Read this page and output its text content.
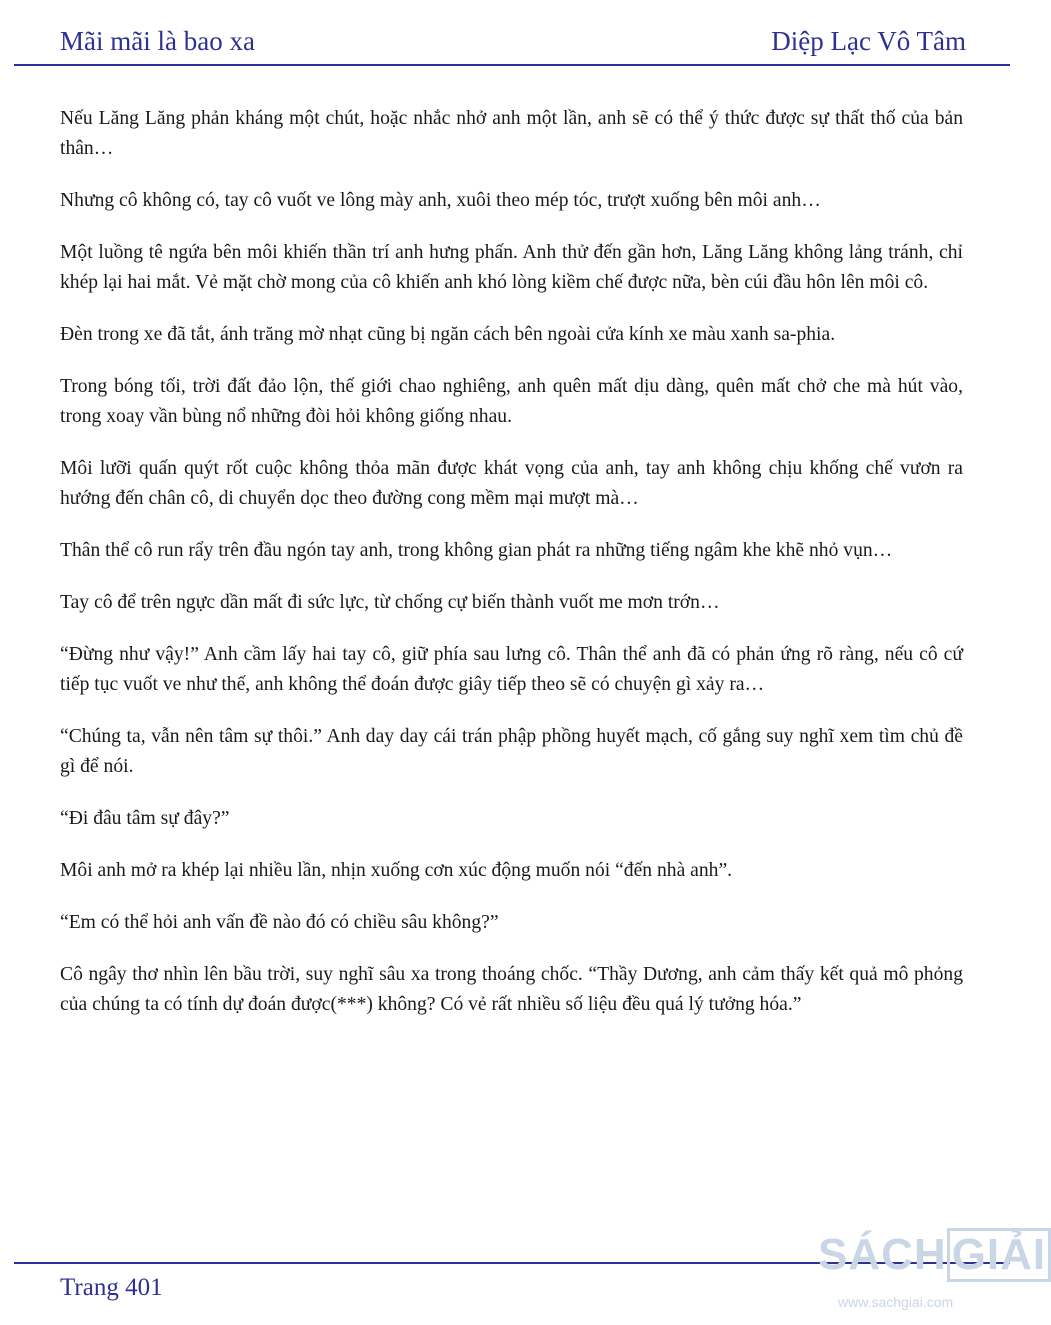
Mãi mãi là bao xa	Diệp Lạc Vô Tâm

Nếu Lăng Lăng phản kháng một chút, hoặc nhắc nhở anh một lần, anh sẽ có thể ý thức được sự thất thố của bản thân…

Nhưng cô không có, tay cô vuốt ve lông mày anh, xuôi theo mép tóc, trượt xuống bên môi anh…

Một luồng tê ngứa bên môi khiến thần trí anh hưng phấn. Anh thử đến gần hơn, Lăng Lăng không lảng tránh, chỉ khép lại hai mắt. Vẻ mặt chờ mong của cô khiến anh khó lòng kiềm chế được nữa, bèn cúi đầu hôn lên môi cô.

Đèn trong xe đã tắt, ánh trăng mờ nhạt cũng bị ngăn cách bên ngoài cửa kính xe màu xanh sa-phia.

Trong bóng tối, trời đất đảo lộn, thế giới chao nghiêng, anh quên mất dịu dàng, quên mất chở che mà hút vào, trong xoay vần bùng nổ những đòi hỏi không giống nhau.

Môi lưỡi quấn quýt rốt cuộc không thỏa mãn được khát vọng của anh, tay anh không chịu khống chế vươn ra hướng đến chân cô, di chuyển dọc theo đường cong mềm mại mượt mà…

Thân thể cô run rẩy trên đầu ngón tay anh, trong không gian phát ra những tiếng ngâm khe khẽ nhỏ vụn…

Tay cô để trên ngực dần mất đi sức lực, từ chống cự biến thành vuốt me mơn trớn…

“Đừng như vậy!” Anh cầm lấy hai tay cô, giữ phía sau lưng cô. Thân thể anh đã có phản ứng rõ ràng, nếu cô cứ tiếp tục vuốt ve như thế, anh không thể đoán được giây tiếp theo sẽ có chuyện gì xảy ra…

“Chúng ta, vẫn nên tâm sự thôi.” Anh day day cái trán phập phồng huyết mạch, cố gắng suy nghĩ xem tìm chủ đề gì để nói.

“Đi đâu tâm sự đây?”

Môi anh mở ra khép lại nhiều lần, nhịn xuống cơn xúc động muốn nói “đến nhà anh”.

“Em có thể hỏi anh vấn đề nào đó có chiều sâu không?”

Cô ngây thơ nhìn lên bầu trời, suy nghĩ sâu xa trong thoáng chốc. “Thầy Dương, anh cảm thấy kết quả mô phỏng của chúng ta có tính dự đoán được(***) không? Có vẻ rất nhiều số liệu đều quá lý tưởng hóa.”

Trang 401
SÁCH GIẢI
www.sachgiai.com
